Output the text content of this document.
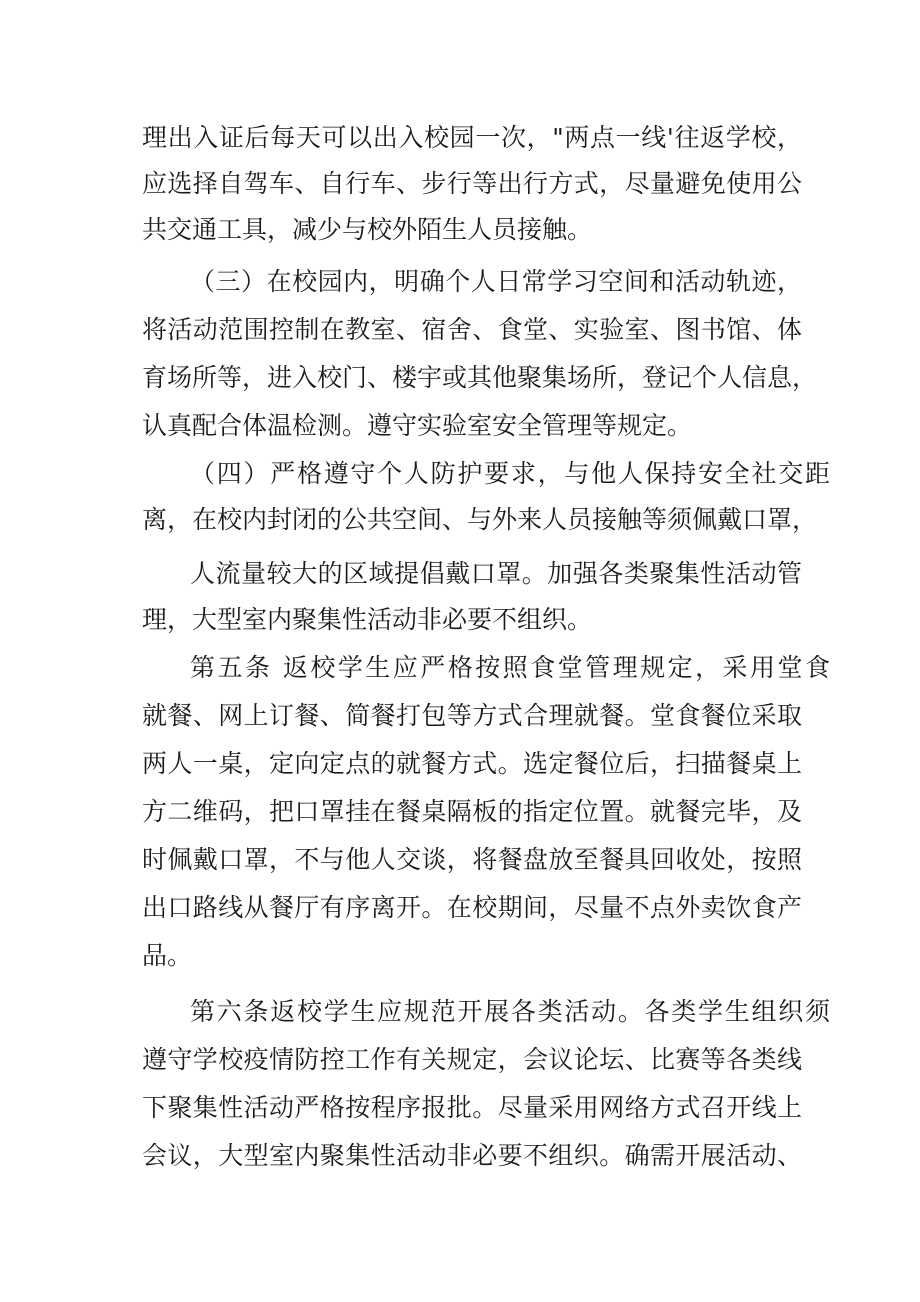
理出入证后每天可以出入校园一次，"两点一线'往返学校，
应选择自驾车、自行车、步行等出行方式，尽量避免使用公
共交通工具，减少与校外陌生人员接触。
（三）在校园内，明确个人日常学习空间和活动轨迹，
将活动范围控制在教室、宿舍、食堂、实验室、图书馆、体
育场所等，进入校门、楼宇或其他聚集场所，登记个人信息，
认真配合体温检测。遵守实验室安全管理等规定。
（四）严格遵守个人防护要求，与他人保持安全社交距
离，在校内封闭的公共空间、与外来人员接触等须佩戴口罩，
人流量较大的区域提倡戴口罩。加强各类聚集性活动管
理，大型室内聚集性活动非必要不组织。
第五条 返校学生应严格按照食堂管理规定，采用堂食
就餐、网上订餐、简餐打包等方式合理就餐。堂食餐位采取
两人一桌，定向定点的就餐方式。选定餐位后，扫描餐桌上
方二维码，把口罩挂在餐桌隔板的指定位置。就餐完毕，及
时佩戴口罩，不与他人交谈，将餐盘放至餐具回收处，按照
出口路线从餐厅有序离开。在校期间，尽量不点外卖饮食产
品。
第六条返校学生应规范开展各类活动。各类学生组织须
遵守学校疫情防控工作有关规定，会议论坛、比赛等各类线
下聚集性活动严格按程序报批。尽量采用网络方式召开线上
会议，大型室内聚集性活动非必要不组织。确需开展活动、
